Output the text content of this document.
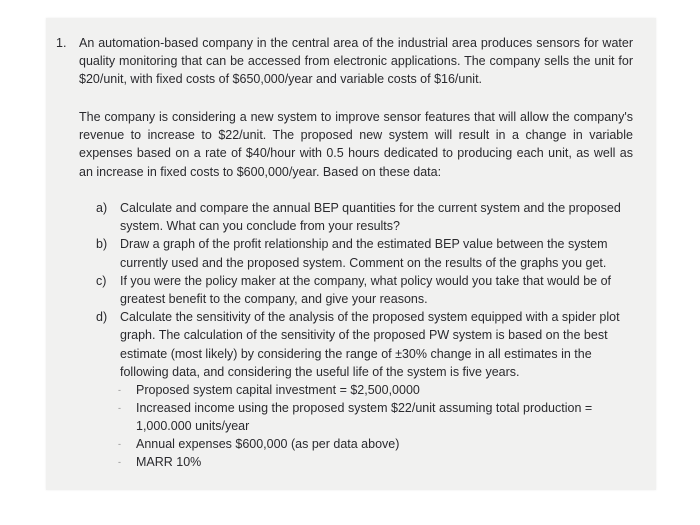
1. An automation-based company in the central area of the industrial area produces sensors for water quality monitoring that can be accessed from electronic applications. The company sells the unit for $20/unit, with fixed costs of $650,000/year and variable costs of $16/unit.
The company is considering a new system to improve sensor features that will allow the company's revenue to increase to $22/unit. The proposed new system will result in a change in variable expenses based on a rate of $40/hour with 0.5 hours dedicated to producing each unit, as well as an increase in fixed costs to $600,000/year. Based on these data:
a) Calculate and compare the annual BEP quantities for the current system and the proposed system. What can you conclude from your results?
b) Draw a graph of the profit relationship and the estimated BEP value between the system currently used and the proposed system. Comment on the results of the graphs you get.
c) If you were the policy maker at the company, what policy would you take that would be of greatest benefit to the company, and give your reasons.
d) Calculate the sensitivity of the analysis of the proposed system equipped with a spider plot graph. The calculation of the sensitivity of the proposed PW system is based on the best estimate (most likely) by considering the range of ±30% change in all estimates in the following data, and considering the useful life of the system is five years.
- Proposed system capital investment = $2,500,0000
- Increased income using the proposed system $22/unit assuming total production = 1,000.000 units/year
- Annual expenses $600,000 (as per data above)
- MARR 10%
